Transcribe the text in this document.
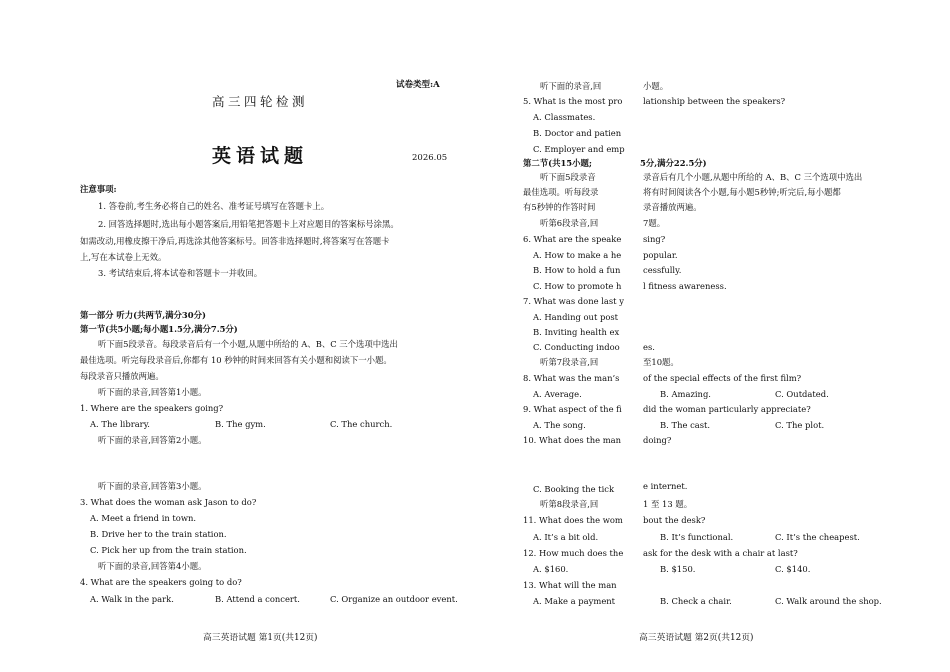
试卷类型:A
高三四轮检测
英语试题	2026.05
注意事项:
1. 答卷前,考生务必将自己的姓名、准考证号填写在答题卡上。
2. 回答选择题时,选出每小题答案后,用铅笔把答题卡上对应题目的答案标号涂黑。
如需改动,用橡皮擦干净后,再选涂其他答案标号。回答非选择题时,将答案写在答题卡
上,写在本试卷上无效。
3. 考试结束后,将本试卷和答题卡一并收回。
第一部分 听力(共两节,满分30分)
第一节(共5小题;每小题1.5分,满分7.5分)
听下面5段录音。每段录音后有一个小题,从题中所给的 A、B、C 三个选项中选出
最佳选项。听完每段录音后,你都有 10 秒钟的时间来回答有关小题和阅读下一小题。
每段录音只播放两遍。
听下面的录音,回答第1小题。
1. Where are the speakers going?
A. The library.	B. The gym.	C. The church.
听下面的录音,回答第2小题。
听下面的录音,回答第3小题。
3. What does the woman ask Jason to do?
A. Meet a friend in town.
B. Drive her to the train station.
C. Pick her up from the train station.
听下面的录音,回答第4小题。
4. What are the speakers going to do?
A. Walk in the park.	B. Attend a concert.	C. Organize an outdoor event.
高三英语试题 第1页(共12页)
听下面的录音,回	小题。
5. What is the most pro lationship between the speakers?
A. Classmates.
B. Doctor and patien
C. Employer and emp
第二节(共15小题;	5分,满分22.5分)
听下面5段录音	录音后有几个小题,从题中所给的 A、B、C 三个选项中选出
最佳选项。听每段录	将有时间阅读各个小题,每小题5秒钟;听完后,每小题都
有5秒钟的作答时间	录音播放两遍。
听第6段录音,回	7题。
6. What are the speake	sing?
A. How to make a he	popular.
B. How to hold a fun	cessfully.
C. How to promote h	l fitness awareness.
7. What was done last y
A. Handing out post
B. Inviting health ex
C. Conducting indoo	es.
听第7段录音,回	至10题。
8. What was the man’s	of the special effects of the first film?
A. Average.	B. Amazing.	C. Outdated.
9. What aspect of the fi	did the woman particularly appreciate?
A. The song.	B. The cast.	C. The plot.
10. What does the man	doing?
e internet.
C. Booking the tick
听第8段录音,回	1 至 13 题。
11. What does the wom bout the desk?
A. It’s a bit old.	B. It’s functional.	C. It’s the cheapest.
12. How much does the ask for the desk with a chair at last?
A. $160.	B. $150.	C. $140.
13. What will the man
A. Make a payment	B. Check a chair.	C. Walk around the shop.
高三英语试题 第2页(共12页)
